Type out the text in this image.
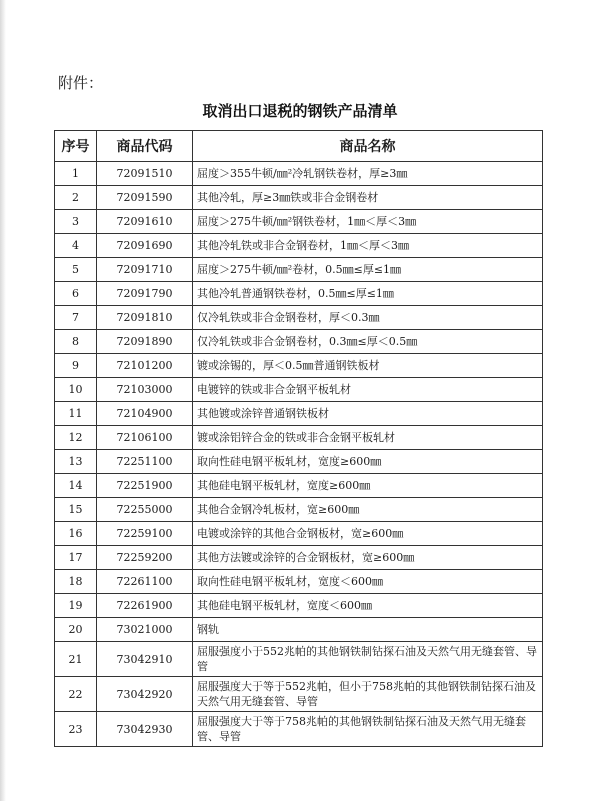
附件：
取消出口退税的钢铁产品清单
序号	商品代码	商品名称
1	72091510	屈度＞355牛顿/㎜²冷轧钢铁卷材，厚≥3㎜
2	72091590	其他冷轧，厚≥3㎜铁或非合金钢卷材
3	72091610	屈度＞275牛顿/㎜²钢铁卷材，1㎜＜厚＜3㎜
4	72091690	其他冷轧铁或非合金钢卷材，1㎜＜厚＜3㎜
5	72091710	屈度＞275牛顿/㎜²卷材，0.5㎜≤厚≤1㎜
6	72091790	其他冷轧普通钢铁卷材，0.5㎜≤厚≤1㎜
7	72091810	仅冷轧铁或非合金钢卷材，厚＜0.3㎜
8	72091890	仅冷轧铁或非合金钢卷材，0.3㎜≤厚＜0.5㎜
9	72101200	镀或涂锡的，厚＜0.5㎜普通钢铁板材
10	72103000	电镀锌的铁或非合金钢平板轧材
11	72104900	其他镀或涂锌普通钢铁板材
12	72106100	镀或涂铝锌合金的铁或非合金钢平板轧材
13	72251100	取向性硅电钢平板轧材，宽度≥600㎜
14	72251900	其他硅电钢平板轧材，宽度≥600㎜
15	72255000	其他合金钢冷轧板材，宽≥600㎜
16	72259100	电镀或涂锌的其他合金钢板材，宽≥600㎜
17	72259200	其他方法镀或涂锌的合金钢板材，宽≥600㎜
18	72261100	取向性硅电钢平板轧材，宽度＜600㎜
19	72261900	其他硅电钢平板轧材，宽度＜600㎜
20	73021000	钢轨
21	73042910	屈服强度小于552兆帕的其他钢铁制钻探石油及天然气用无缝套管、导管
22	73042920	屈服强度大于等于552兆帕，但小于758兆帕的其他钢铁制钻探石油及天然气用无缝套管、导管
23	73042930	屈服强度大于等于758兆帕的其他钢铁制钻探石油及天然气用无缝套管、导管
